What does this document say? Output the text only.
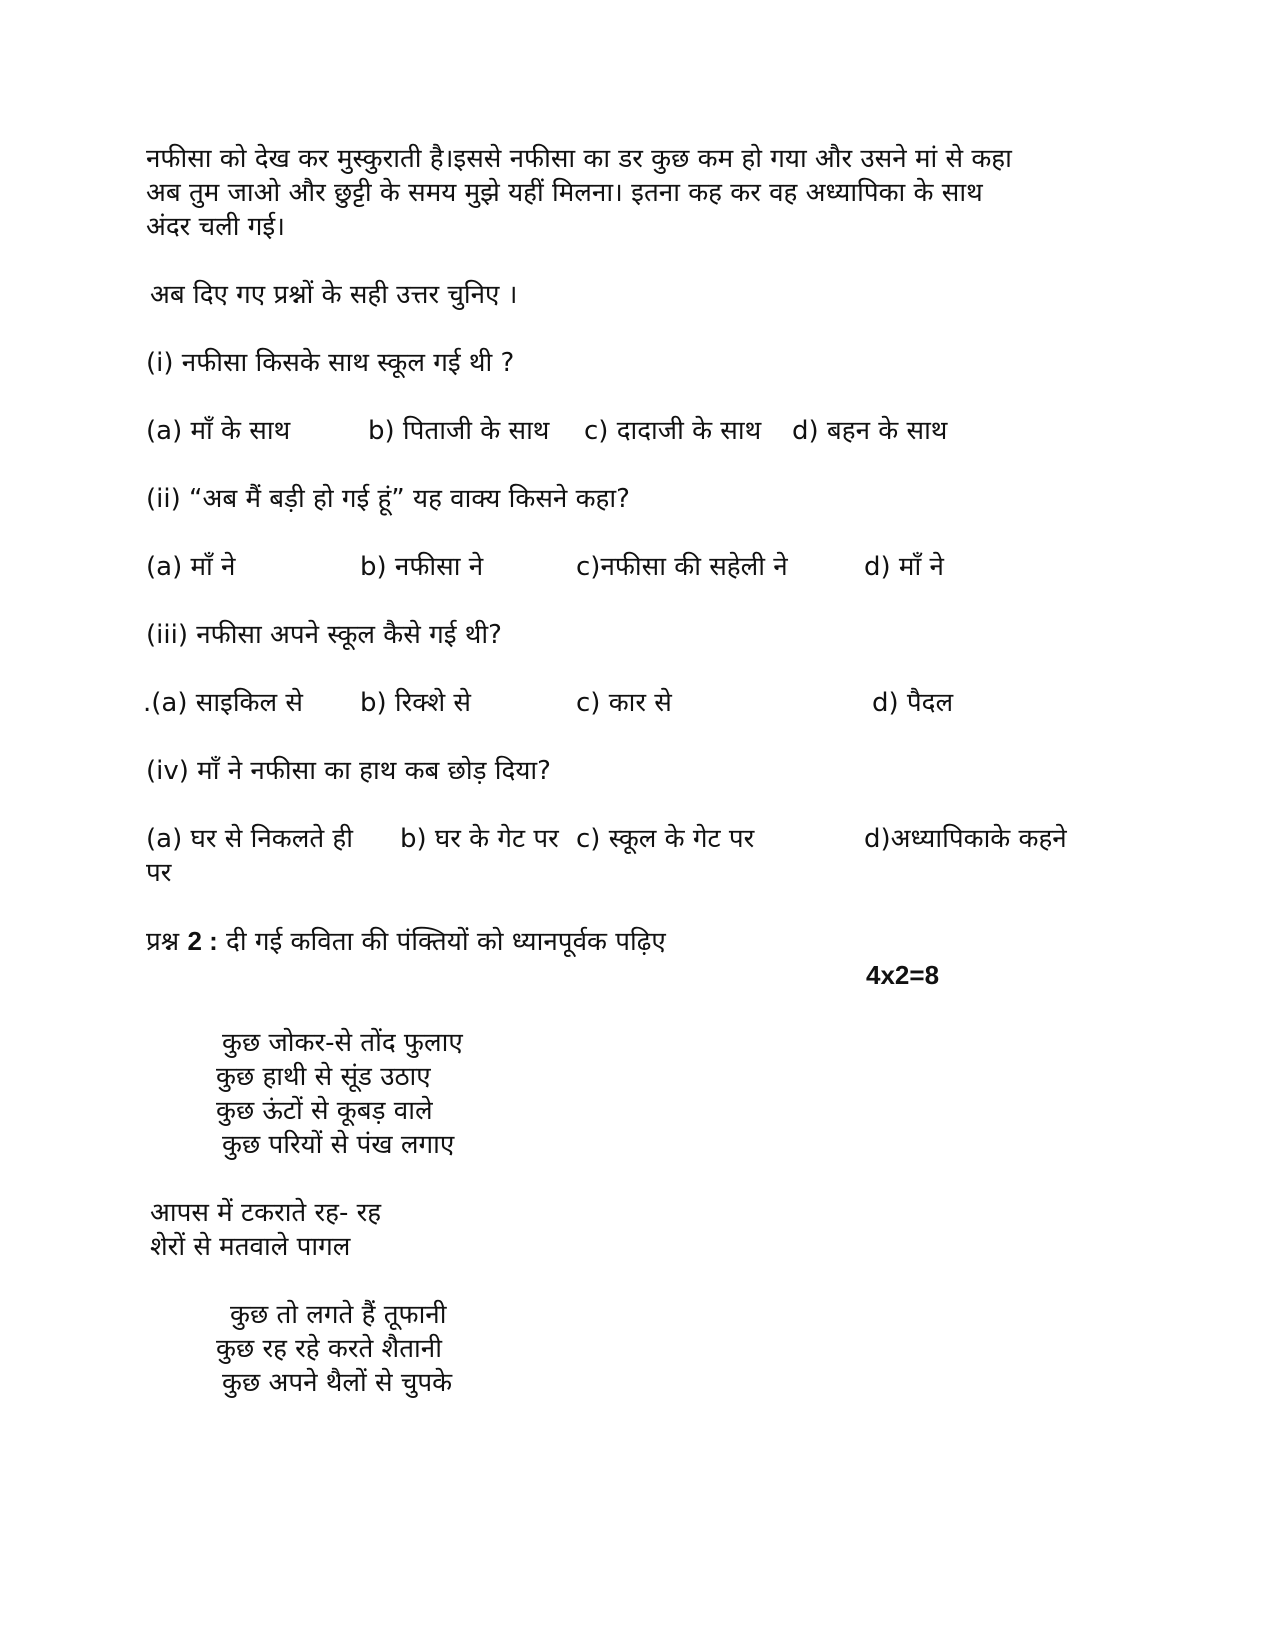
नफीसा को देख कर मुस्कुराती है।इससे नफीसा का डर कुछ कम हो गया और उसने मां से कहा
अब तुम जाओ और छुट्टी के समय मुझे यहीं मिलना। इतना कह कर वह अध्यापिका के साथ
अंदर चली गई।
अब दिए गए प्रश्नों के सही उत्तर चुनिए ।
(i) नफीसा किसके साथ स्कूल गई थी ?
(a) माँ के साथ	b) पिताजी के साथ c) दादाजी के साथ d) बहन के साथ
(ii) “अब मैं बड़ी हो गई हूं” यह वाक्य किसने कहा?
(a) माँ ने	b) नफीसा ने	c)नफीसा की सहेली ने	d) माँ ने
(iii) नफीसा अपने स्कूल कैसे गई थी?
.(a) साइकिल से b) रिक्शे से	c) कार से	d) पैदल
(iv) माँ ने नफीसा का हाथ कब छोड़ दिया?
(a) घर से निकलते ही b) घर के गेट पर c) स्कूल के गेट पर	d)अध्यापिकाके कहने
पर
प्रश्न 2 : दी गई कविता की पंक्तियों को ध्यानपूर्वक पढ़िए
4x2=8
कुछ जोकर-से तोंद फुलाए
कुछ हाथी से सूंड उठाए
कुछ ऊंटों से कूबड़ वाले
कुछ परियों से पंख लगाए
आपस में टकराते रह- रह
शेरों से मतवाले पागल
कुछ तो लगते हैं तूफानी
कुछ रह रहे करते शैतानी
कुछ अपने थैलों से चुपके
